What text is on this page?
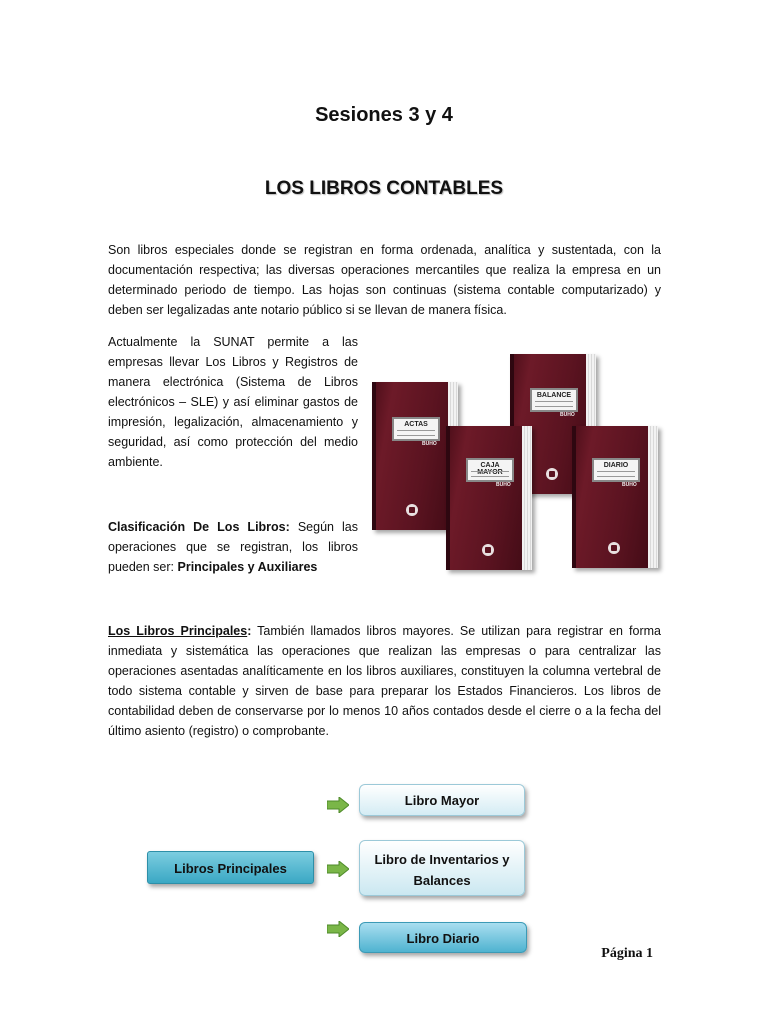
Sesiones 3 y 4
LOS LIBROS CONTABLES
Son libros especiales donde se registran en forma ordenada, analítica y sustentada, con la documentación respectiva; las diversas operaciones mercantiles que realiza la empresa en un determinado periodo de tiempo. Las hojas son continuas (sistema contable computarizado) y deben ser legalizadas ante notario público si se llevan de manera física.
Actualmente la SUNAT permite a las empresas llevar Los Libros y Registros de manera electrónica (Sistema de Libros electrónicos – SLE) y así eliminar gastos de impresión, legalización, almacenamiento y seguridad, así como protección del medio ambiente.
Clasificación De Los Libros: Según las operaciones que se registran, los libros pueden ser: Principales y Auxiliares
Los Libros Principales: También llamados libros mayores. Se utilizan para registrar en forma inmediata y sistemática las operaciones que realizan las empresas o para centralizar las operaciones asentadas analíticamente en los libros auxiliares, constituyen la columna vertebral de todo sistema contable y sirven de base para preparar los Estados Financieros. Los libros de contabilidad deben de conservarse por lo menos 10 años contados desde el cierre o a la fecha del último asiento (registro) o comprobante.
BALANCE
BUHO
ACTAS
BUHO
DIARIO
BUHO
CAJA MAYOR
BUHO
Libros Principales
Libro Mayor
Libro de Inventarios y Balances
Libro Diario
Página 1
